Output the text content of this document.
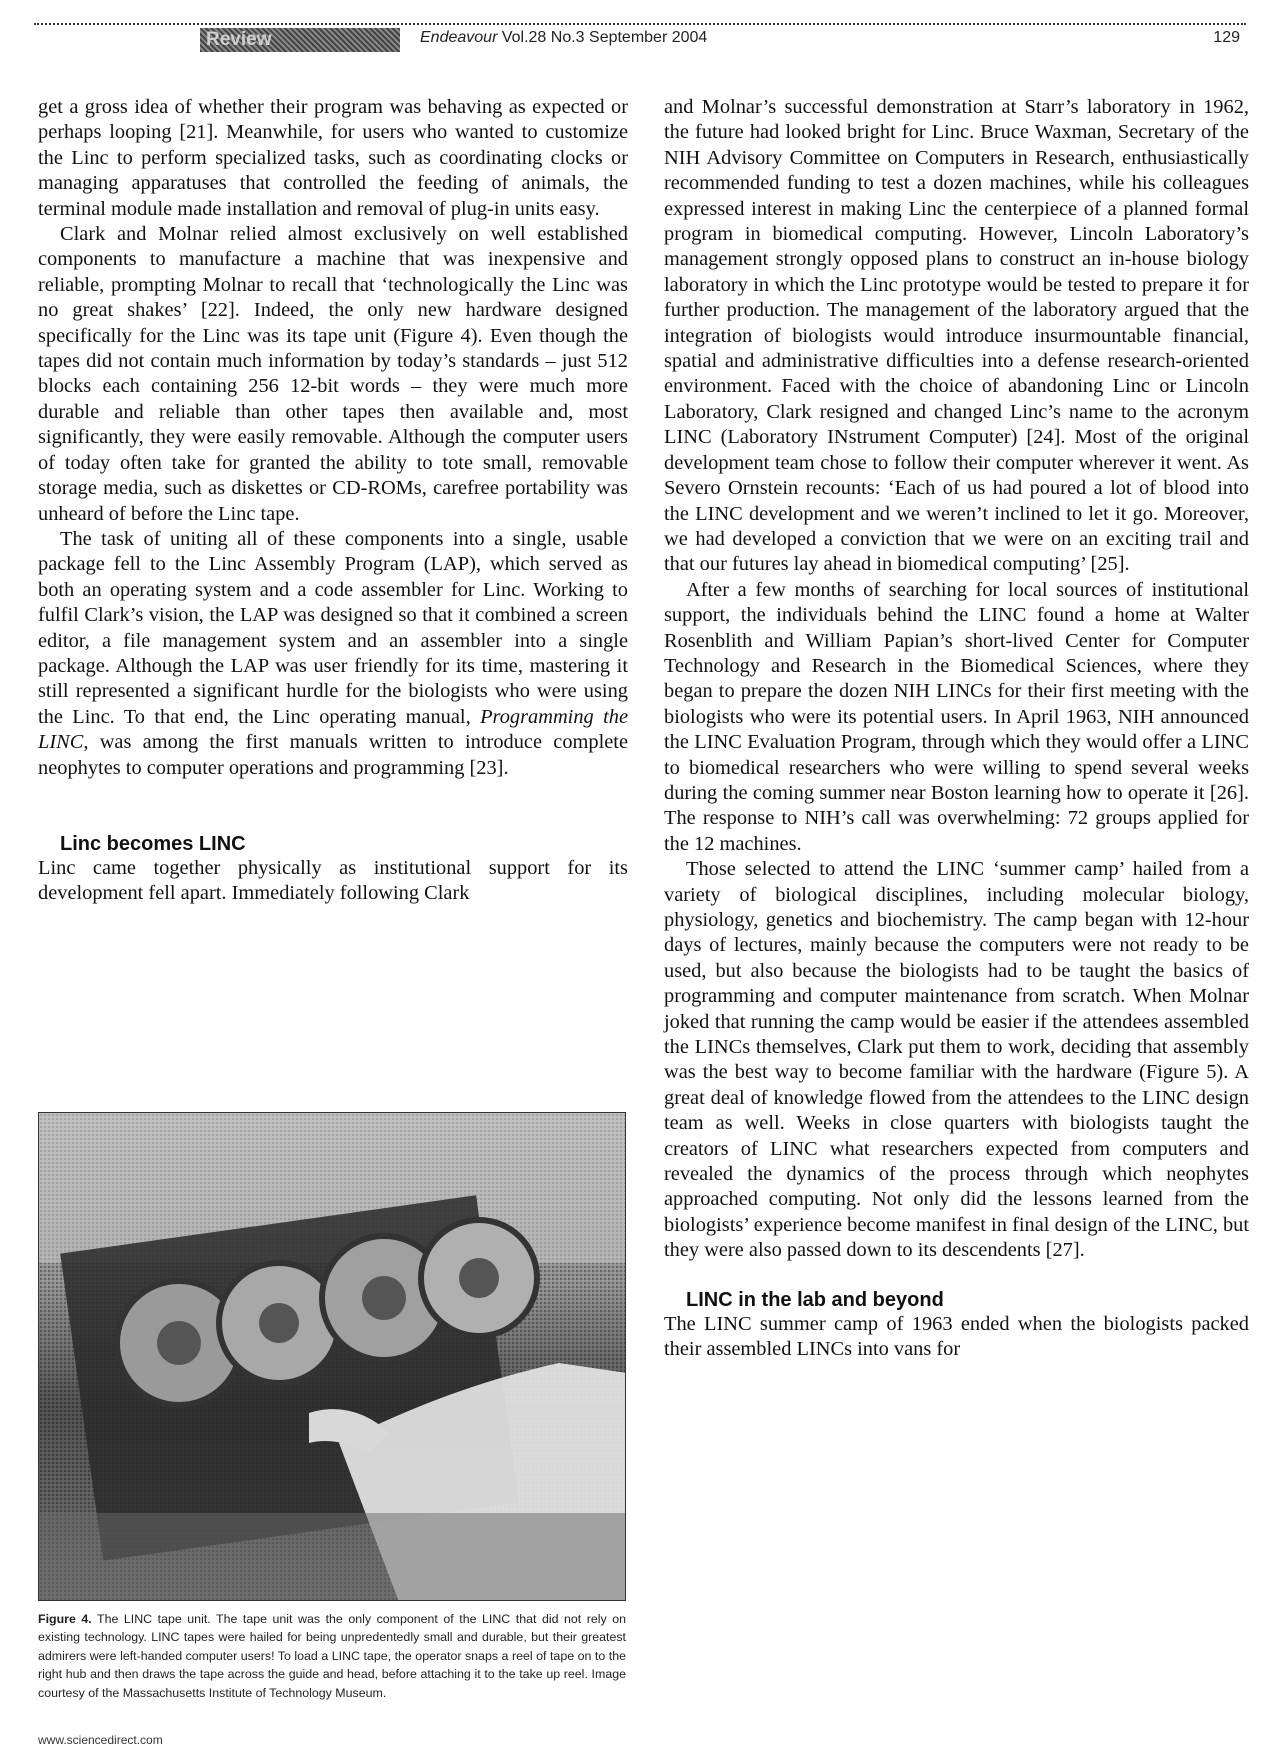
Review	Endeavour Vol.28 No.3 September 2004	129

get a gross idea of whether their program was behaving as expected or perhaps looping [21]. Meanwhile, for users who wanted to customize the Linc to perform specialized tasks, such as coordinating clocks or managing apparatuses that controlled the feeding of animals, the terminal module made installation and removal of plug-in units easy.

Clark and Molnar relied almost exclusively on well established components to manufacture a machine that was inexpensive and reliable, prompting Molnar to recall that ‘technologically the Linc was no great shakes’ [22]. Indeed, the only new hardware designed specifically for the Linc was its tape unit (Figure 4). Even though the tapes did not contain much information by today’s standards – just 512 blocks each containing 256 12-bit words – they were much more durable and reliable than other tapes then available and, most significantly, they were easily removable. Although the computer users of today often take for granted the ability to tote small, removable storage media, such as diskettes or CD-ROMs, carefree portability was unheard of before the Linc tape.

The task of uniting all of these components into a single, usable package fell to the Linc Assembly Program (LAP), which served as both an operating system and a code assembler for Linc. Working to fulfil Clark’s vision, the LAP was designed so that it combined a screen editor, a file management system and an assembler into a single package. Although the LAP was user friendly for its time, mastering it still represented a significant hurdle for the biologists who were using the Linc. To that end, the Linc operating manual, Programming the LINC, was among the first manuals written to introduce complete neophytes to computer operations and programming [23].

Linc becomes LINC

Linc came together physically as institutional support for its development fell apart. Immediately following Clark

Figure 4. The LINC tape unit. The tape unit was the only component of the LINC that did not rely on existing technology. LINC tapes were hailed for being unpredentedly small and durable, but their greatest admirers were left-handed computer users! To load a LINC tape, the operator snaps a reel of tape on to the right hub and then draws the tape across the guide and head, before attaching it to the take up reel. Image courtesy of the Massachusetts Institute of Technology Museum.

and Molnar’s successful demonstration at Starr’s laboratory in 1962, the future had looked bright for Linc. Bruce Waxman, Secretary of the NIH Advisory Committee on Computers in Research, enthusiastically recommended funding to test a dozen machines, while his colleagues expressed interest in making Linc the centerpiece of a planned formal program in biomedical computing. However, Lincoln Laboratory’s management strongly opposed plans to construct an in-house biology laboratory in which the Linc prototype would be tested to prepare it for further production. The management of the laboratory argued that the integration of biologists would introduce insurmountable financial, spatial and administrative difficulties into a defense research-oriented environment. Faced with the choice of abandoning Linc or Lincoln Laboratory, Clark resigned and changed Linc’s name to the acronym LINC (Laboratory INstrument Computer) [24]. Most of the original development team chose to follow their computer wherever it went. As Severo Ornstein recounts: ‘Each of us had poured a lot of blood into the LINC development and we weren’t inclined to let it go. Moreover, we had developed a conviction that we were on an exciting trail and that our futures lay ahead in biomedical computing’ [25].

After a few months of searching for local sources of institutional support, the individuals behind the LINC found a home at Walter Rosenblith and William Papian’s short-lived Center for Computer Technology and Research in the Biomedical Sciences, where they began to prepare the dozen NIH LINCs for their first meeting with the biologists who were its potential users. In April 1963, NIH announced the LINC Evaluation Program, through which they would offer a LINC to biomedical researchers who were willing to spend several weeks during the coming summer near Boston learning how to operate it [26]. The response to NIH’s call was overwhelming: 72 groups applied for the 12 machines.

Those selected to attend the LINC ‘summer camp’ hailed from a variety of biological disciplines, including molecular biology, physiology, genetics and biochemistry. The camp began with 12-hour days of lectures, mainly because the computers were not ready to be used, but also because the biologists had to be taught the basics of programming and computer maintenance from scratch. When Molnar joked that running the camp would be easier if the attendees assembled the LINCs themselves, Clark put them to work, deciding that assembly was the best way to become familiar with the hardware (Figure 5). A great deal of knowledge flowed from the attendees to the LINC design team as well. Weeks in close quarters with biologists taught the creators of LINC what researchers expected from computers and revealed the dynamics of the process through which neophytes approached computing. Not only did the lessons learned from the biologists’ experience become manifest in final design of the LINC, but they were also passed down to its descendents [27].

LINC in the lab and beyond

The LINC summer camp of 1963 ended when the biologists packed their assembled LINCs into vans for

www.sciencedirect.com
